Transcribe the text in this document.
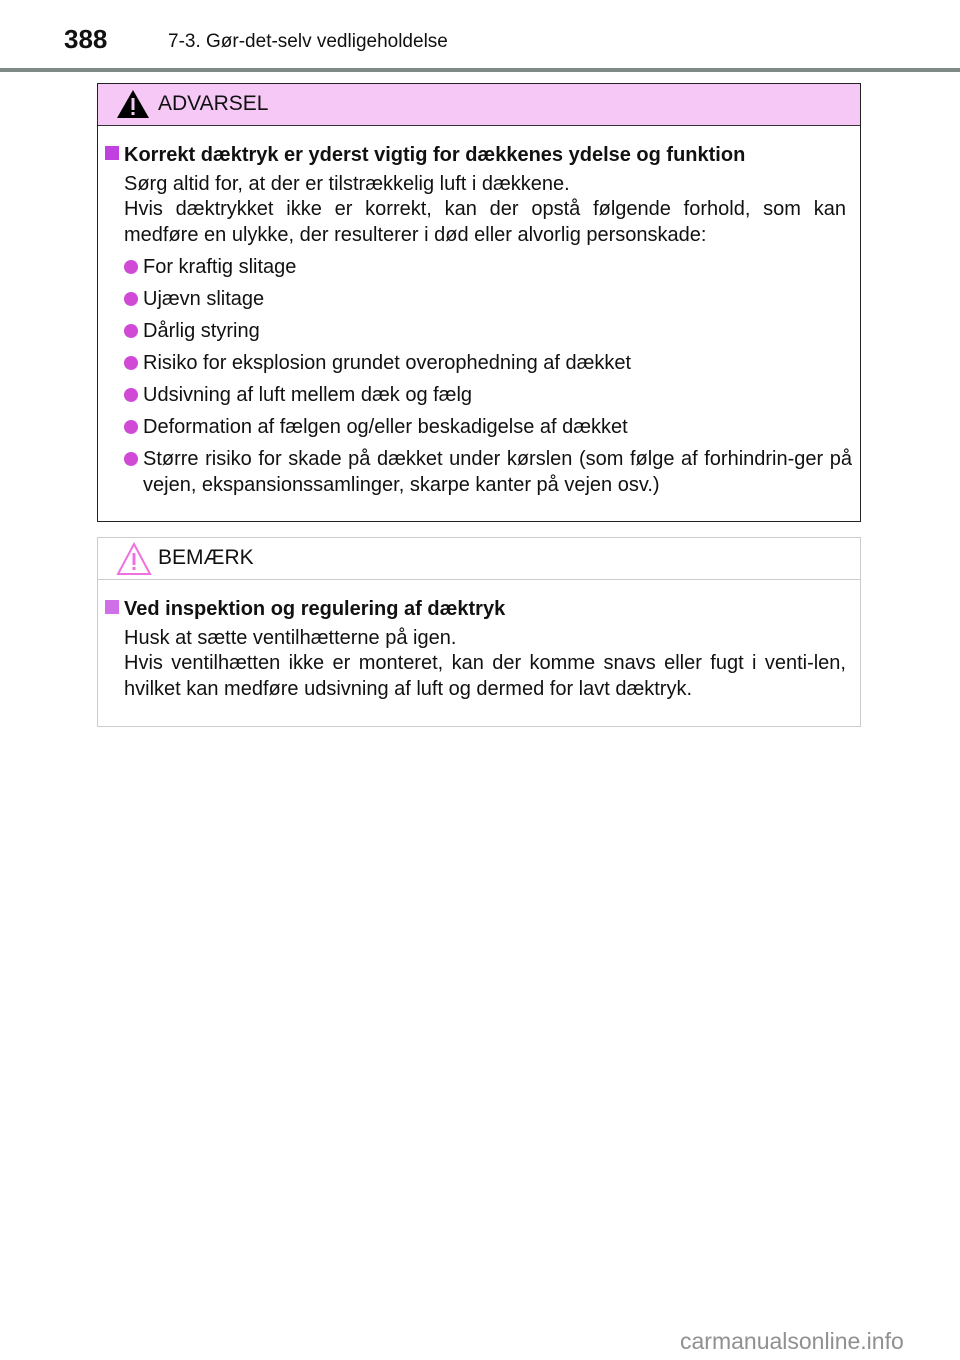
388	7-3. Gør-det-selv vedligeholdelse
ADVARSEL
Korrekt dæktryk er yderst vigtig for dækkenes ydelse og funktion
Sørg altid for, at der er tilstrækkelig luft i dækkene.
Hvis dæktrykket ikke er korrekt, kan der opstå følgende forhold, som kan medføre en ulykke, der resulterer i død eller alvorlig personskade:
For kraftig slitage
Ujævn slitage
Dårlig styring
Risiko for eksplosion grundet overophedning af dækket
Udsivning af luft mellem dæk og fælg
Deformation af fælgen og/eller beskadigelse af dækket
Større risiko for skade på dækket under kørslen (som følge af forhindrin-ger på vejen, ekspansionssamlinger, skarpe kanter på vejen osv.)
BEMÆRK
Ved inspektion og regulering af dæktryk
Husk at sætte ventilhætterne på igen.
Hvis ventilhætten ikke er monteret, kan der komme snavs eller fugt i venti-len, hvilket kan medføre udsivning af luft og dermed for lavt dæktryk.
carmanualsonline.info
